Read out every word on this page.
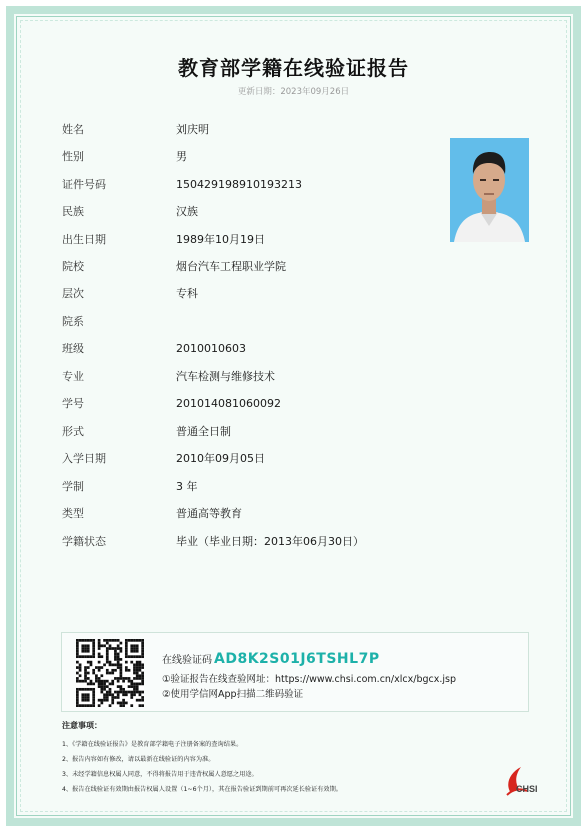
教育部学籍在线验证报告
更新日期：2023年09月26日
姓名	刘庆明
性别	男
证件号码	150429198910193213
民族	汉族
出生日期	1989年10月19日
院校	烟台汽车工程职业学院
层次	专科
院系
班级	2010010603
专业	汽车检测与维修技术
学号	201014081060092
形式	普通全日制
入学日期	2010年09月05日
学制	3 年
类型	普通高等教育
学籍状态	毕业（毕业日期：2013年06月30日）
在线验证码 AD8K2S01J6TSHL7P
①验证报告在线查验网址：https://www.chsi.com.cn/xlcx/bgcx.jsp
②使用学信网App扫描二维码验证
注意事项：
1、《学籍在线验证报告》是教育部学籍电子注册备案的查询结果。
2、报告内容如有修改，请以最新在线验证的内容为准。
3、未经学籍信息权属人同意，不得将报告用于违背权属人意愿之用途。
4、报告在线验证有效期由报告权属人设置（1~6个月），其在报告验证到期前可再次延长验证有效期。	CHSI
